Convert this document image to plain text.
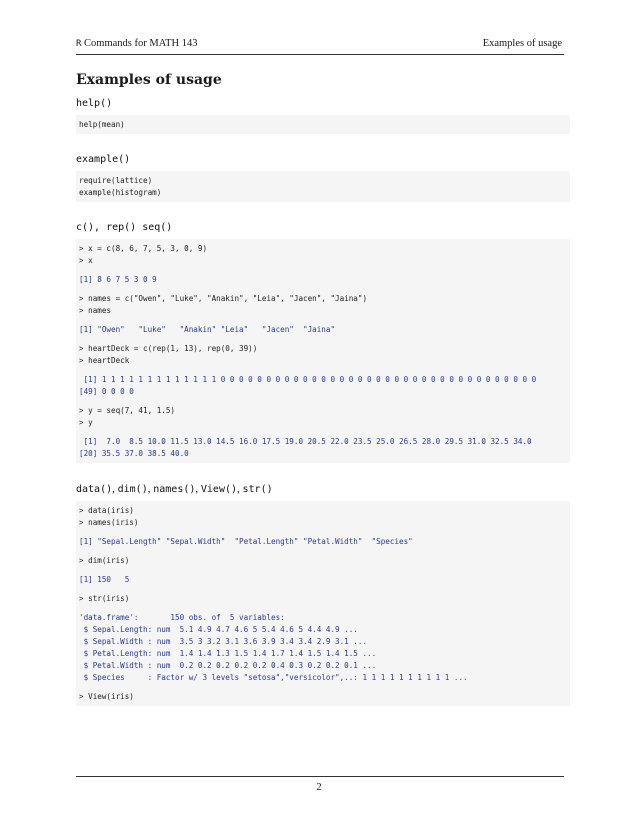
R Commands for MATH 143	Examples of usage
Examples of usage
help()
help(mean)
example()
require(lattice)
example(histogram)
c(), rep() seq()
> x = c(8, 6, 7, 5, 3, 0, 9)
> x
[1] 8 6 7 5 3 0 9
> names = c("Owen", "Luke", "Anakin", "Leia", "Jacen", "Jaina")
> names
[1] "Owen"   "Luke"   "Anakin" "Leia"   "Jacen"  "Jaina"
> heartDeck = c(rep(1, 13), rep(0, 39))
> heartDeck
[1] 1 1 1 1 1 1 1 1 1 1 1 1 1 0 0 0 0 0 0 0 0 0 0 0 0 0 0 0 0 0 0 0 0 0 0 0 0 0 0 0 0 0 0 0 0 0 0 0
[49] 0 0 0 0
> y = seq(7, 41, 1.5)
> y
[1]  7.0  8.5 10.0 11.5 13.0 14.5 16.0 17.5 19.0 20.5 22.0 23.5 25.0 26.5 28.0 29.5 31.0 32.5 34.0
[20] 35.5 37.0 38.5 40.0
data(), dim(), names(), View(), str()
> data(iris)
> names(iris)
[1] "Sepal.Length" "Sepal.Width"  "Petal.Length" "Petal.Width"  "Species"
> dim(iris)
[1] 150   5
> str(iris)
'data.frame':       150 obs. of  5 variables:
$ Sepal.Length: num  5.1 4.9 4.7 4.6 5 5.4 4.6 5 4.4 4.9 ...
$ Sepal.Width : num  3.5 3 3.2 3.1 3.6 3.9 3.4 3.4 2.9 3.1 ...
$ Petal.Length: num  1.4 1.4 1.3 1.5 1.4 1.7 1.4 1.5 1.4 1.5 ...
$ Petal.Width : num  0.2 0.2 0.2 0.2 0.2 0.4 0.3 0.2 0.2 0.1 ...
$ Species     : Factor w/ 3 levels "setosa","versicolor",..: 1 1 1 1 1 1 1 1 1 1 ...
> View(iris)
2
